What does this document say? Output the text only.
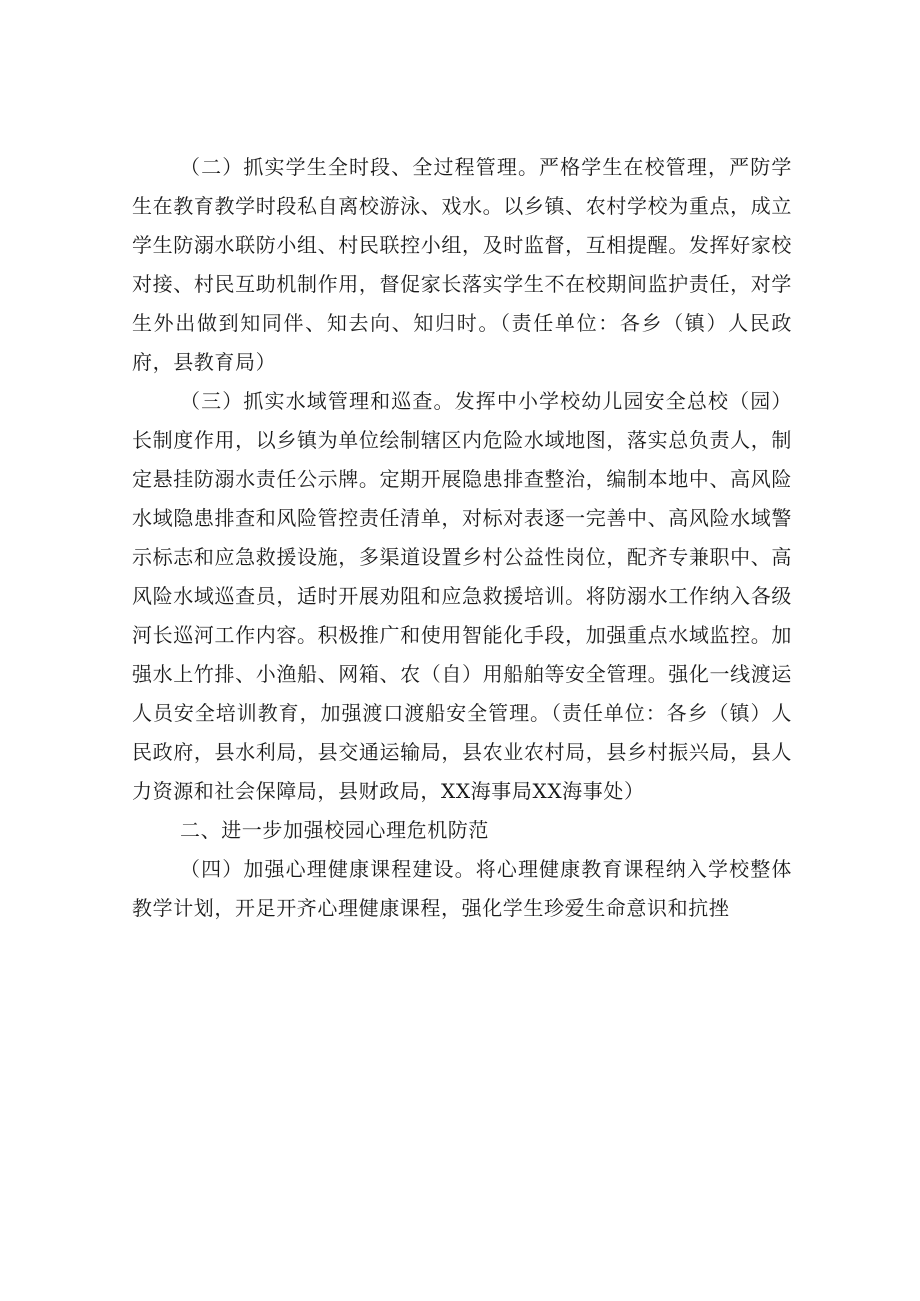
（二）抓实学生全时段、全过程管理。严格学生在校管理，严防学生在教育教学时段私自离校游泳、戏水。以乡镇、农村学校为重点，成立学生防溺水联防小组、村民联控小组，及时监督，互相提醒。发挥好家校对接、村民互助机制作用，督促家长落实学生不在校期间监护责任，对学生外出做到知同伴、知去向、知归时。（责任单位：各乡（镇）人民政府，县教育局）

（三）抓实水域管理和巡查。发挥中小学校幼儿园安全总校（园）长制度作用，以乡镇为单位绘制辖区内危险水域地图，落实总负责人，制定悬挂防溺水责任公示牌。定期开展隐患排查整治，编制本地中、高风险水域隐患排查和风险管控责任清单，对标对表逐一完善中、高风险水域警示标志和应急救援设施，多渠道设置乡村公益性岗位，配齐专兼职中、高风险水域巡查员，适时开展劝阻和应急救援培训。将防溺水工作纳入各级河长巡河工作内容。积极推广和使用智能化手段，加强重点水域监控。加强水上竹排、小渔船、网箱、农（自）用船舶等安全管理。强化一线渡运人员安全培训教育，加强渡口渡船安全管理。（责任单位：各乡（镇）人民政府，县水利局，县交通运输局，县农业农村局，县乡村振兴局，县人力资源和社会保障局，县财政局，XX海事局XX海事处）

二、进一步加强校园心理危机防范

（四）加强心理健康课程建设。将心理健康教育课程纳入学校整体教学计划，开足开齐心理健康课程，强化学生珍爱生命意识和抗挫
